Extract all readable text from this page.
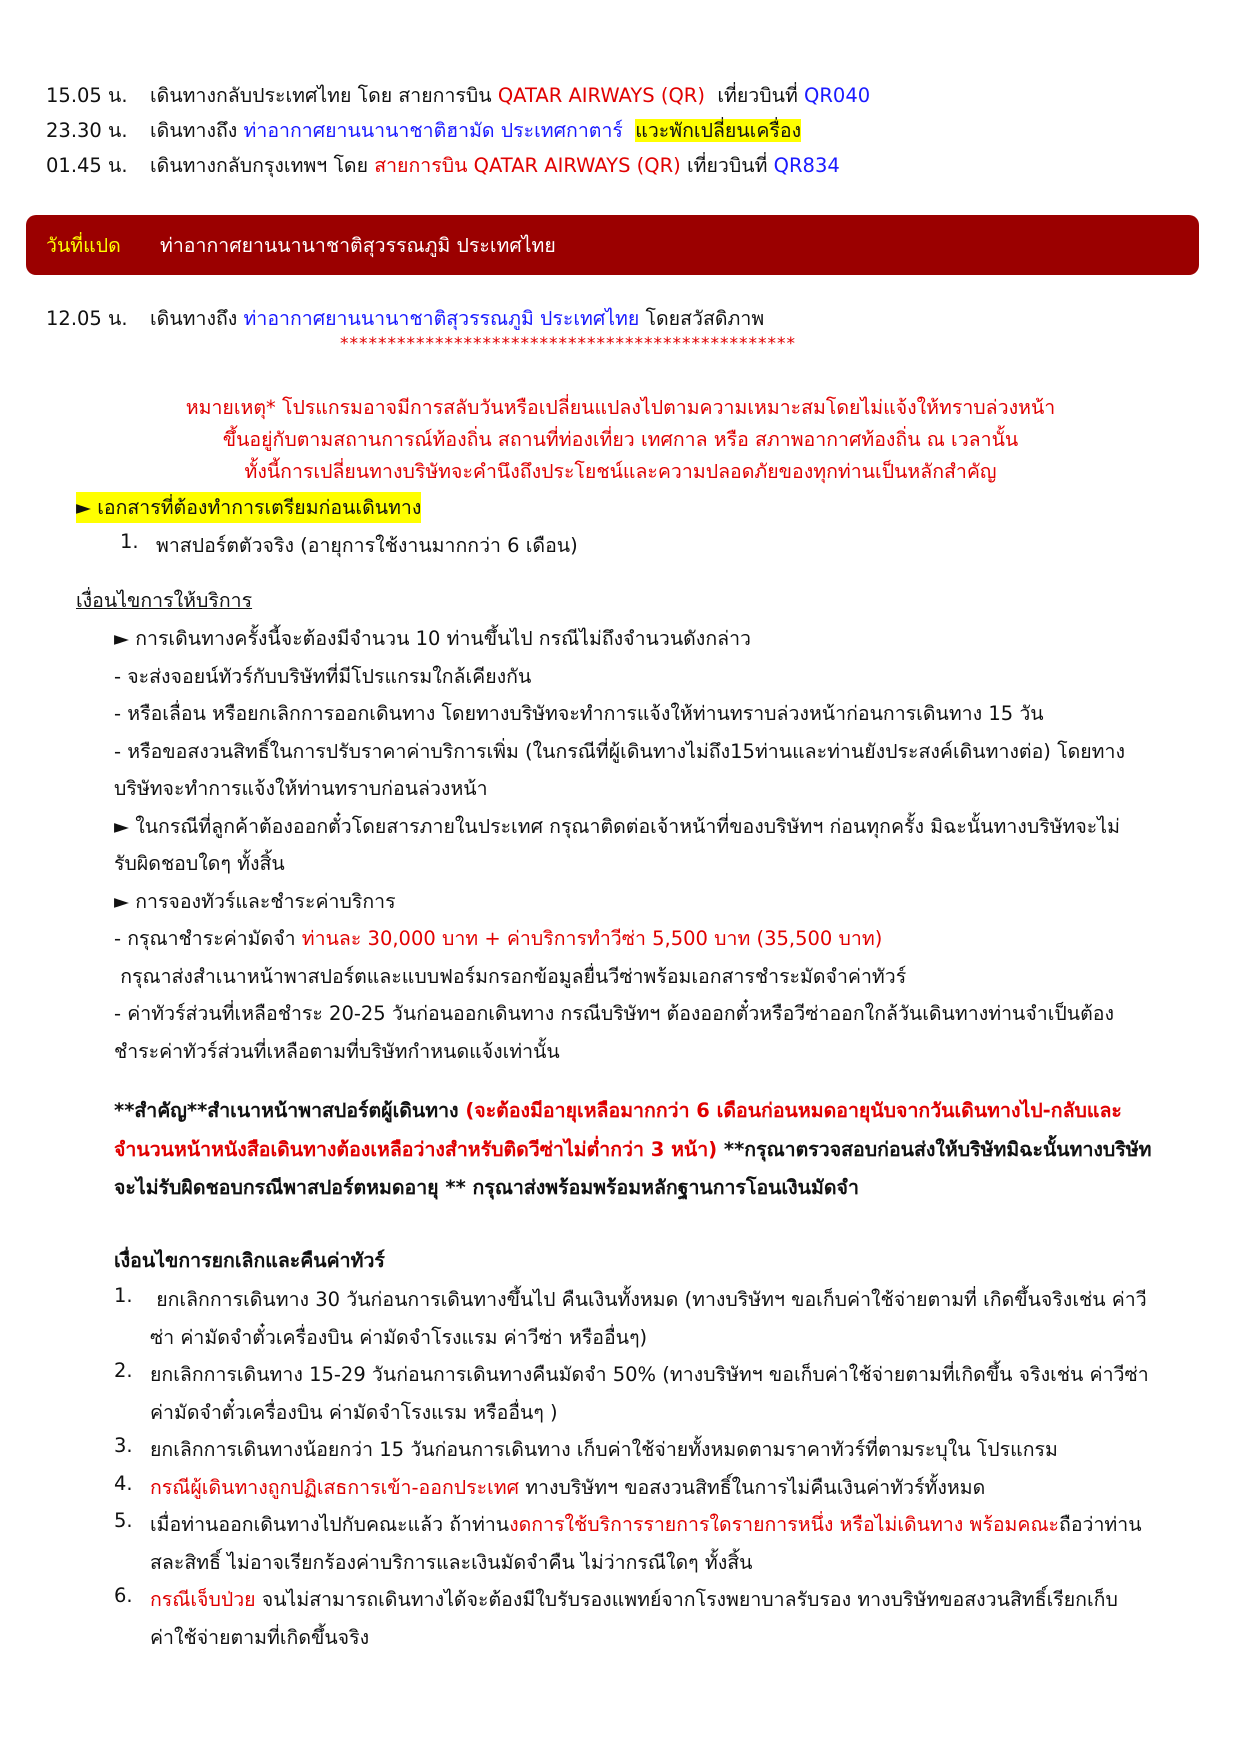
15.05 น. เดินทางกลับประเทศไทย โดย สายการบิน QATAR AIRWAYS (QR)  เที่ยวบินที่ QR040
23.30 น. เดินทางถึง ท่าอากาศยานนานาชาติฮามัด ประเทศกาตาร์ แวะพักเปลี่ยนเครื่อง
01.45 น. เดินทางกลับกรุงเทพฯ โดย สายการบิน QATAR AIRWAYS (QR) เที่ยวบินที่ QR834
วันที่แปด ท่าอากาศยานนานาชาติสุวรรณภูมิ ประเทศไทย
12.05 น. เดินทางถึง ท่าอากาศยานนานาชาติสุวรรณภูมิ ประเทศไทย โดยสวัสดิภาพ
************************************************
หมายเหตุ* โปรแกรมอาจมีการสลับวันหรือเปลี่ยนแปลงไปตามความเหมาะสมโดยไม่แจ้งให้ทราบล่วงหน้า
ขึ้นอยู่กับตามสถานการณ์ท้องถิ่น สถานที่ท่องเที่ยว เทศกาล หรือ สภาพอากาศท้องถิ่น ณ เวลานั้น
ทั้งนี้การเปลี่ยนทางบริษัทจะคำนึงถึงประโยชน์และความปลอดภัยของทุกท่านเป็นหลักสำคัญ
► เอกสารที่ต้องทำการเตรียมก่อนเดินทาง
1. พาสปอร์ตตัวจริง (อายุการใช้งานมากกว่า 6 เดือน)
เงื่อนไขการให้บริการ
► การเดินทางครั้งนี้จะต้องมีจำนวน 10 ท่านขึ้นไป กรณีไม่ถึงจำนวนดังกล่าว
- จะส่งจอยน์ทัวร์กับบริษัทที่มีโปรแกรมใกล้เคียงกัน
- หรือเลื่อน หรือยกเลิกการออกเดินทาง โดยทางบริษัทจะทำการแจ้งให้ท่านทราบล่วงหน้าก่อนการเดินทาง 15 วัน
- หรือขอสงวนสิทธิ์ในการปรับราคาค่าบริการเพิ่ม (ในกรณีที่ผู้เดินทางไม่ถึง15ท่านและท่านยังประสงค์เดินทางต่อ) โดยทาง
บริษัทจะทำการแจ้งให้ท่านทราบก่อนล่วงหน้า
► ในกรณีที่ลูกค้าต้องออกตั๋วโดยสารภายในประเทศ กรุณาติดต่อเจ้าหน้าที่ของบริษัทฯ ก่อนทุกครั้ง มิฉะนั้นทางบริษัทจะไม่
รับผิดชอบใดๆ ทั้งสิ้น
► การจองทัวร์และชำระค่าบริการ
- กรุณาชำระค่ามัดจำ ท่านละ 30,000 บาท + ค่าบริการทำวีซ่า 5,500 บาท (35,500 บาท)
กรุณาส่งสำเนาหน้าพาสปอร์ตและแบบฟอร์มกรอกข้อมูลยื่นวีซ่าพร้อมเอกสารชำระมัดจำค่าทัวร์
- ค่าทัวร์ส่วนที่เหลือชำระ 20-25 วันก่อนออกเดินทาง กรณีบริษัทฯ ต้องออกตั๋วหรือวีซ่าออกใกล้วันเดินทางท่านจำเป็นต้อง
ชำระค่าทัวร์ส่วนที่เหลือตามที่บริษัทกำหนดแจ้งเท่านั้น
**สำคัญ**สำเนาหน้าพาสปอร์ตผู้เดินทาง (จะต้องมีอายุเหลือมากกว่า 6 เดือนก่อนหมดอายุนับจากวันเดินทางไป-กลับและ
จำนวนหน้าหนังสือเดินทางต้องเหลือว่างสำหรับติดวีซ่าไม่ต่ำกว่า 3 หน้า) **กรุณาตรวจสอบก่อนส่งให้บริษัทมิฉะนั้นทางบริษัท
จะไม่รับผิดชอบกรณีพาสปอร์ตหมดอายุ ** กรุณาส่งพร้อมพร้อมหลักฐานการโอนเงินมัดจำ
เงื่อนไขการยกเลิกและคืนค่าทัวร์
1. ยกเลิกการเดินทาง 30 วันก่อนการเดินทางขึ้นไป คืนเงินทั้งหมด (ทางบริษัทฯ ขอเก็บค่าใช้จ่ายตามที่ เกิดขึ้นจริงเช่น ค่าวี
ซ่า ค่ามัดจำตั๋วเครื่องบิน ค่ามัดจำโรงแรม ค่าวีซ่า หรืออื่นๆ)
2. ยกเลิกการเดินทาง 15-29 วันก่อนการเดินทางคืนมัดจำ 50% (ทางบริษัทฯ ขอเก็บค่าใช้จ่ายตามที่เกิดขึ้น จริงเช่น ค่าวีซ่า
ค่ามัดจำตั๋วเครื่องบิน ค่ามัดจำโรงแรม หรืออื่นๆ )
3. ยกเลิกการเดินทางน้อยกว่า 15 วันก่อนการเดินทาง เก็บค่าใช้จ่ายทั้งหมดตามราคาทัวร์ที่ตามระบุใน โปรแกรม
4. กรณีผู้เดินทางถูกปฏิเสธการเข้า-ออกประเทศ ทางบริษัทฯ ขอสงวนสิทธิ์ในการไม่คืนเงินค่าทัวร์ทั้งหมด
5. เมื่อท่านออกเดินทางไปกับคณะแล้ว ถ้าท่านงดการใช้บริการรายการใดรายการหนึ่ง หรือไม่เดินทาง พร้อมคณะถือว่าท่าน
สละสิทธิ์ ไม่อาจเรียกร้องค่าบริการและเงินมัดจำคืน ไม่ว่ากรณีใดๆ ทั้งสิ้น
6. กรณีเจ็บป่วย จนไม่สามารถเดินทางได้จะต้องมีใบรับรองแพทย์จากโรงพยาบาลรับรอง ทางบริษัทขอสงวนสิทธิ์เรียกเก็บ
ค่าใช้จ่ายตามที่เกิดขึ้นจริง
